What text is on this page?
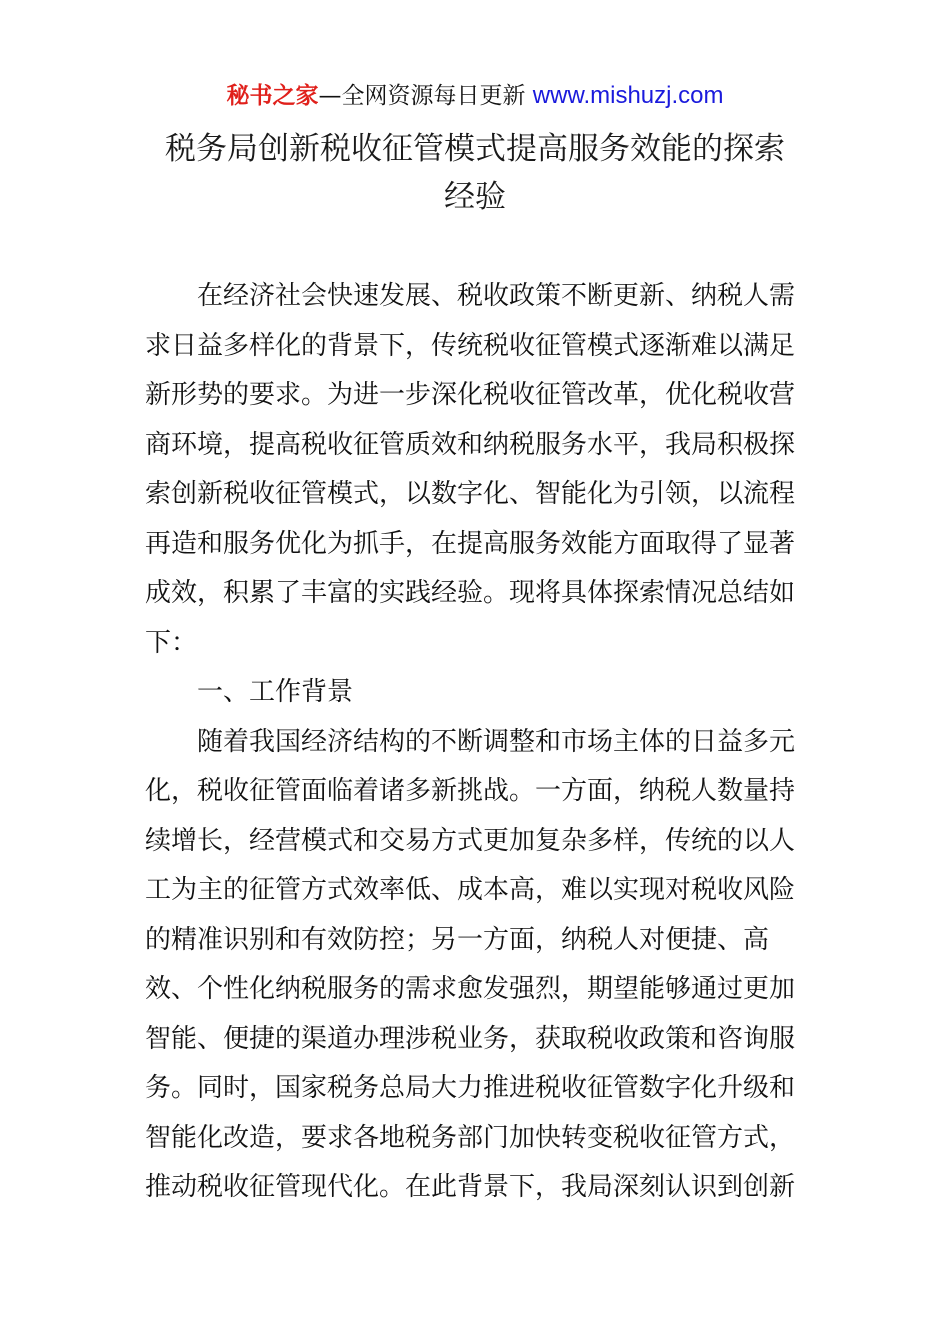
秘书之家—全网资源每日更新 www.mishuzj.com
税务局创新税收征管模式提高服务效能的探索
经验
在经济社会快速发展、税收政策不断更新、纳税人需
求日益多样化的背景下，传统税收征管模式逐渐难以满足
新形势的要求。为进一步深化税收征管改革，优化税收营
商环境，提高税收征管质效和纳税服务水平，我局积极探
索创新税收征管模式，以数字化、智能化为引领，以流程
再造和服务优化为抓手，在提高服务效能方面取得了显著
成效，积累了丰富的实践经验。现将具体探索情况总结如
下：
一、工作背景
随着我国经济结构的不断调整和市场主体的日益多元
化，税收征管面临着诸多新挑战。一方面，纳税人数量持
续增长，经营模式和交易方式更加复杂多样，传统的以人
工为主的征管方式效率低、成本高，难以实现对税收风险
的精准识别和有效防控；另一方面，纳税人对便捷、高
效、个性化纳税服务的需求愈发强烈，期望能够通过更加
智能、便捷的渠道办理涉税业务，获取税收政策和咨询服
务。同时，国家税务总局大力推进税收征管数字化升级和
智能化改造，要求各地税务部门加快转变税收征管方式，
推动税收征管现代化。在此背景下，我局深刻认识到创新
